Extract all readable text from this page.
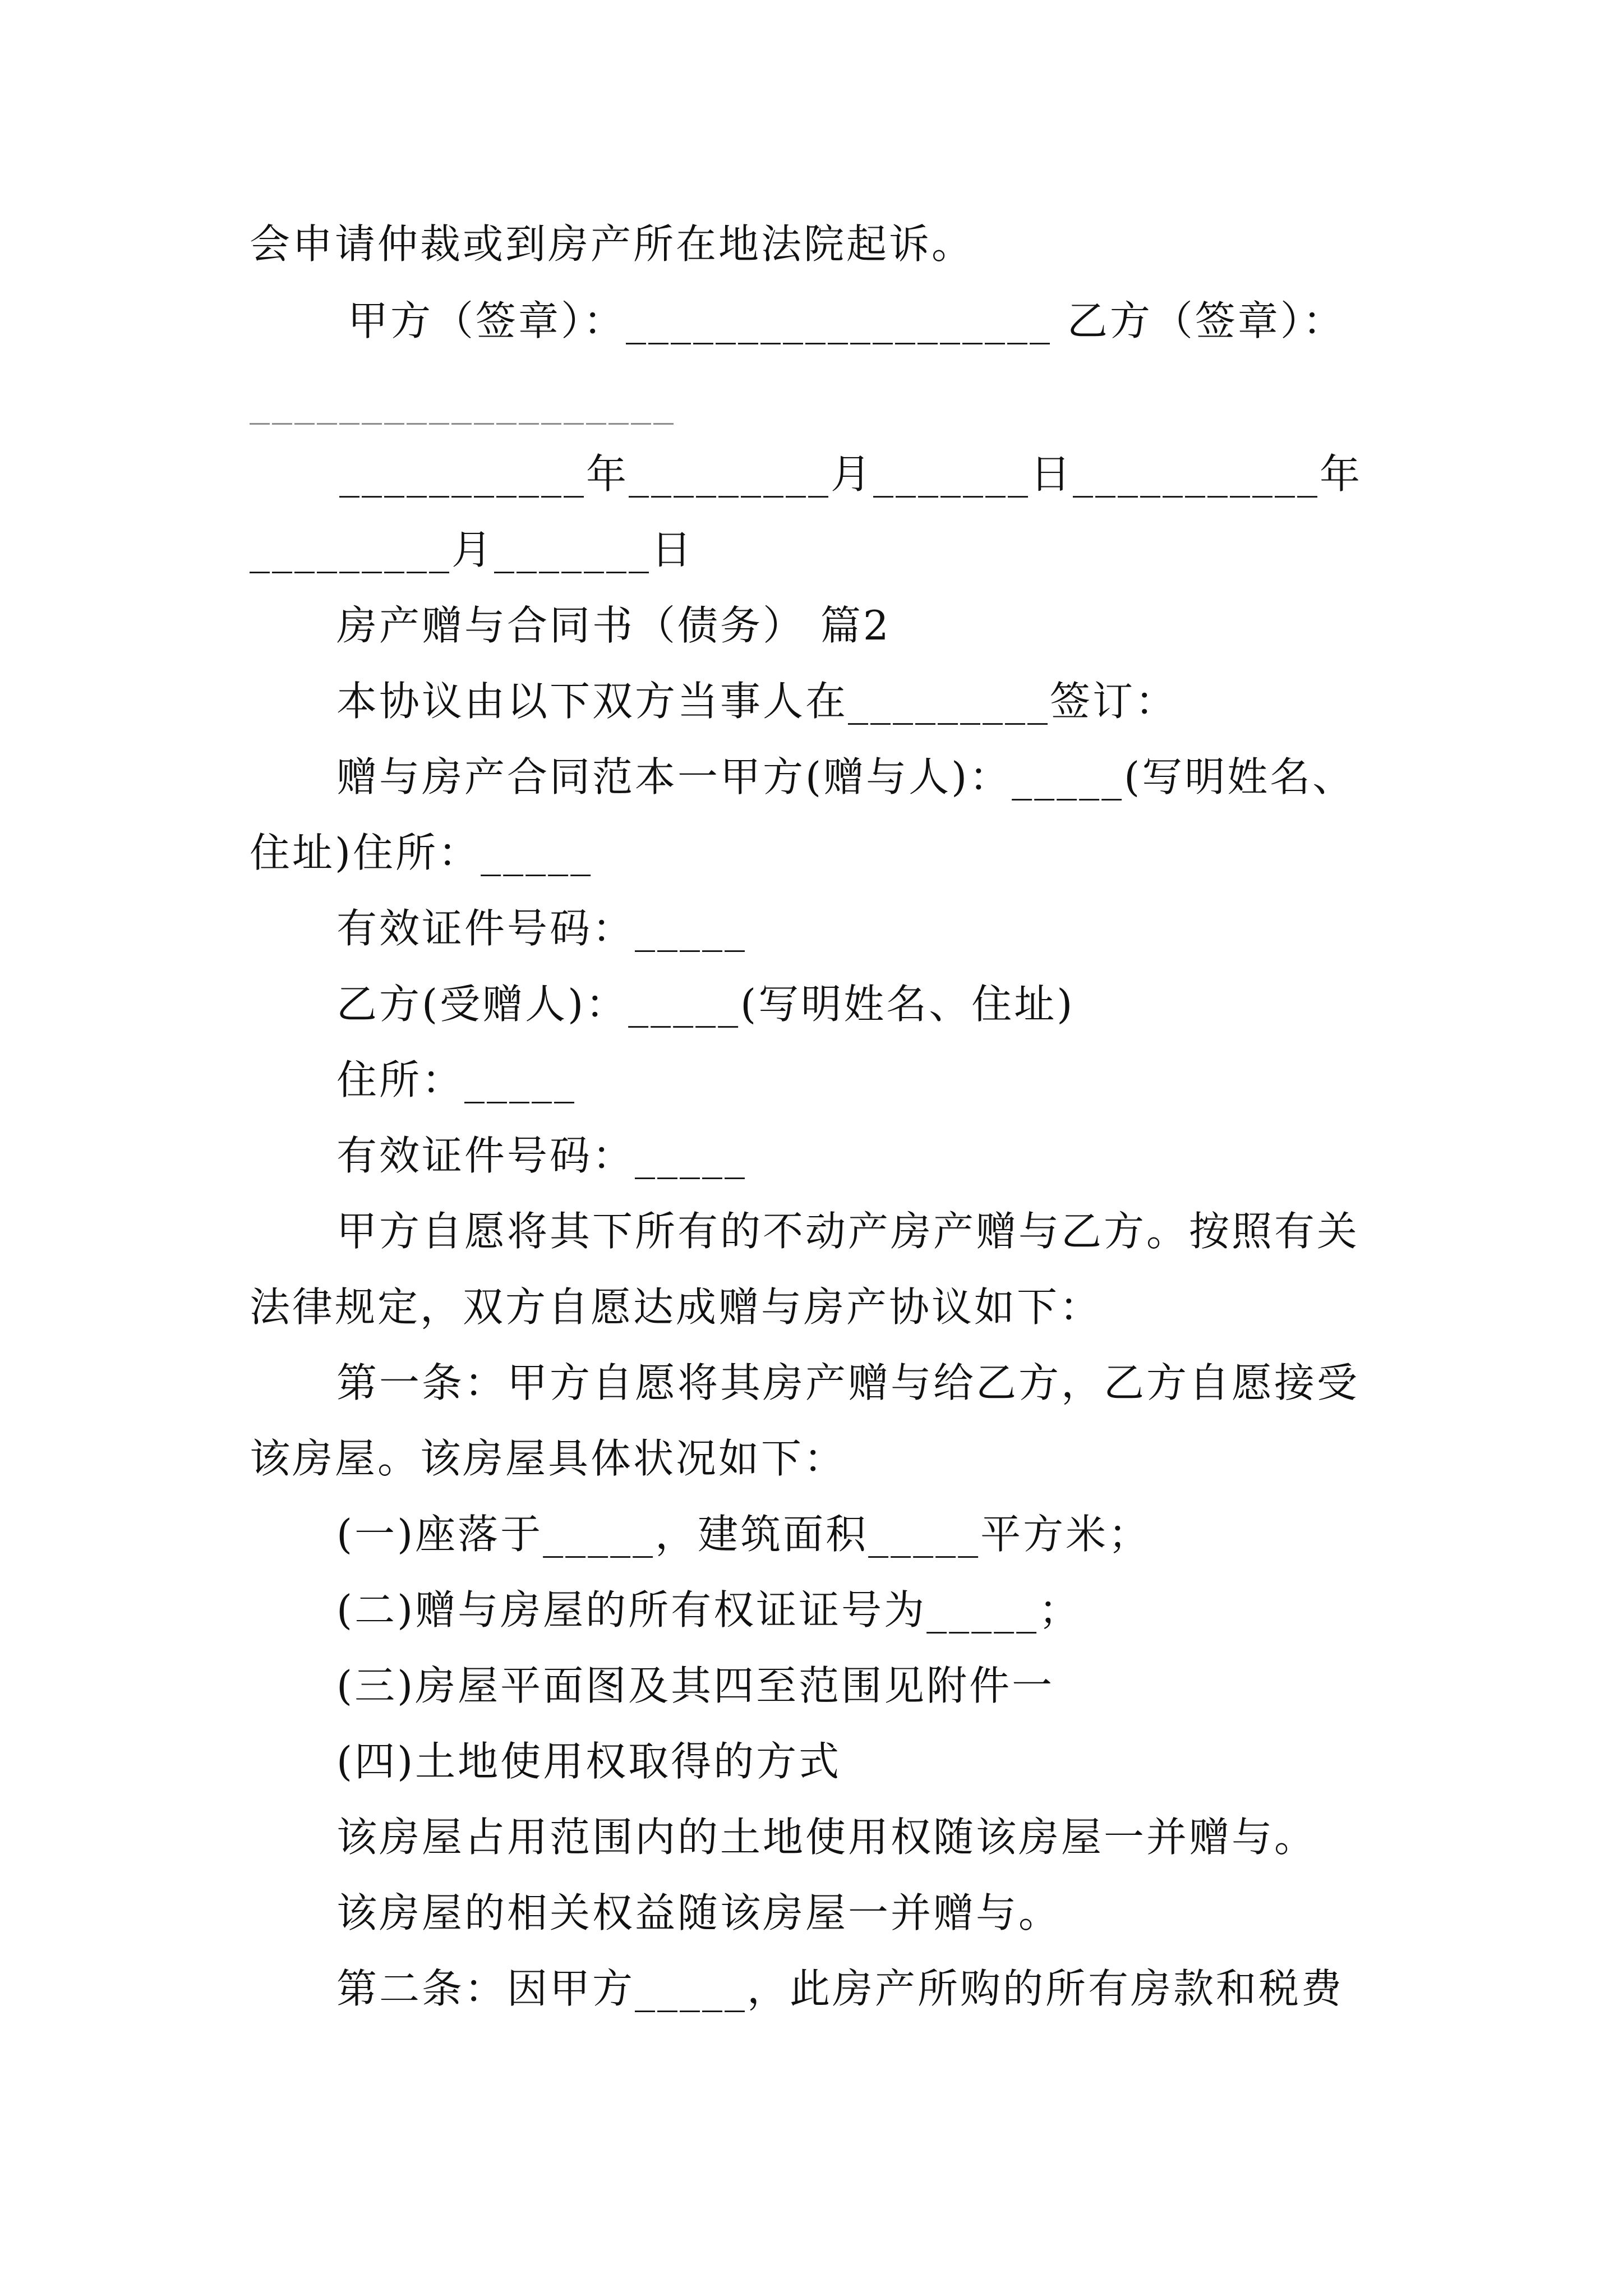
会申请仲裁或到房产所在地法院起诉。
甲方（签章）：___________________ 乙方（签章）：
___________________
___________年_________月_______日___________年
_________月_______日
房产赠与合同书（债务） 篇2
本协议由以下双方当事人在_________签订：
赠与房产合同范本一甲方(赠与人)：_____(写明姓名、
住址)住所：_____
有效证件号码：_____
乙方(受赠人)：_____(写明姓名、住址)
住所：_____
有效证件号码：_____
甲方自愿将其下所有的不动产房产赠与乙方。按照有关
法律规定，双方自愿达成赠与房产协议如下：
第一条：甲方自愿将其房产赠与给乙方，乙方自愿接受
该房屋。该房屋具体状况如下：
(一)座落于_____，建筑面积_____平方米；
(二)赠与房屋的所有权证证号为_____；
(三)房屋平面图及其四至范围见附件一
(四)土地使用权取得的方式
该房屋占用范围内的土地使用权随该房屋一并赠与。
该房屋的相关权益随该房屋一并赠与。
第二条：因甲方_____，此房产所购的所有房款和税费
